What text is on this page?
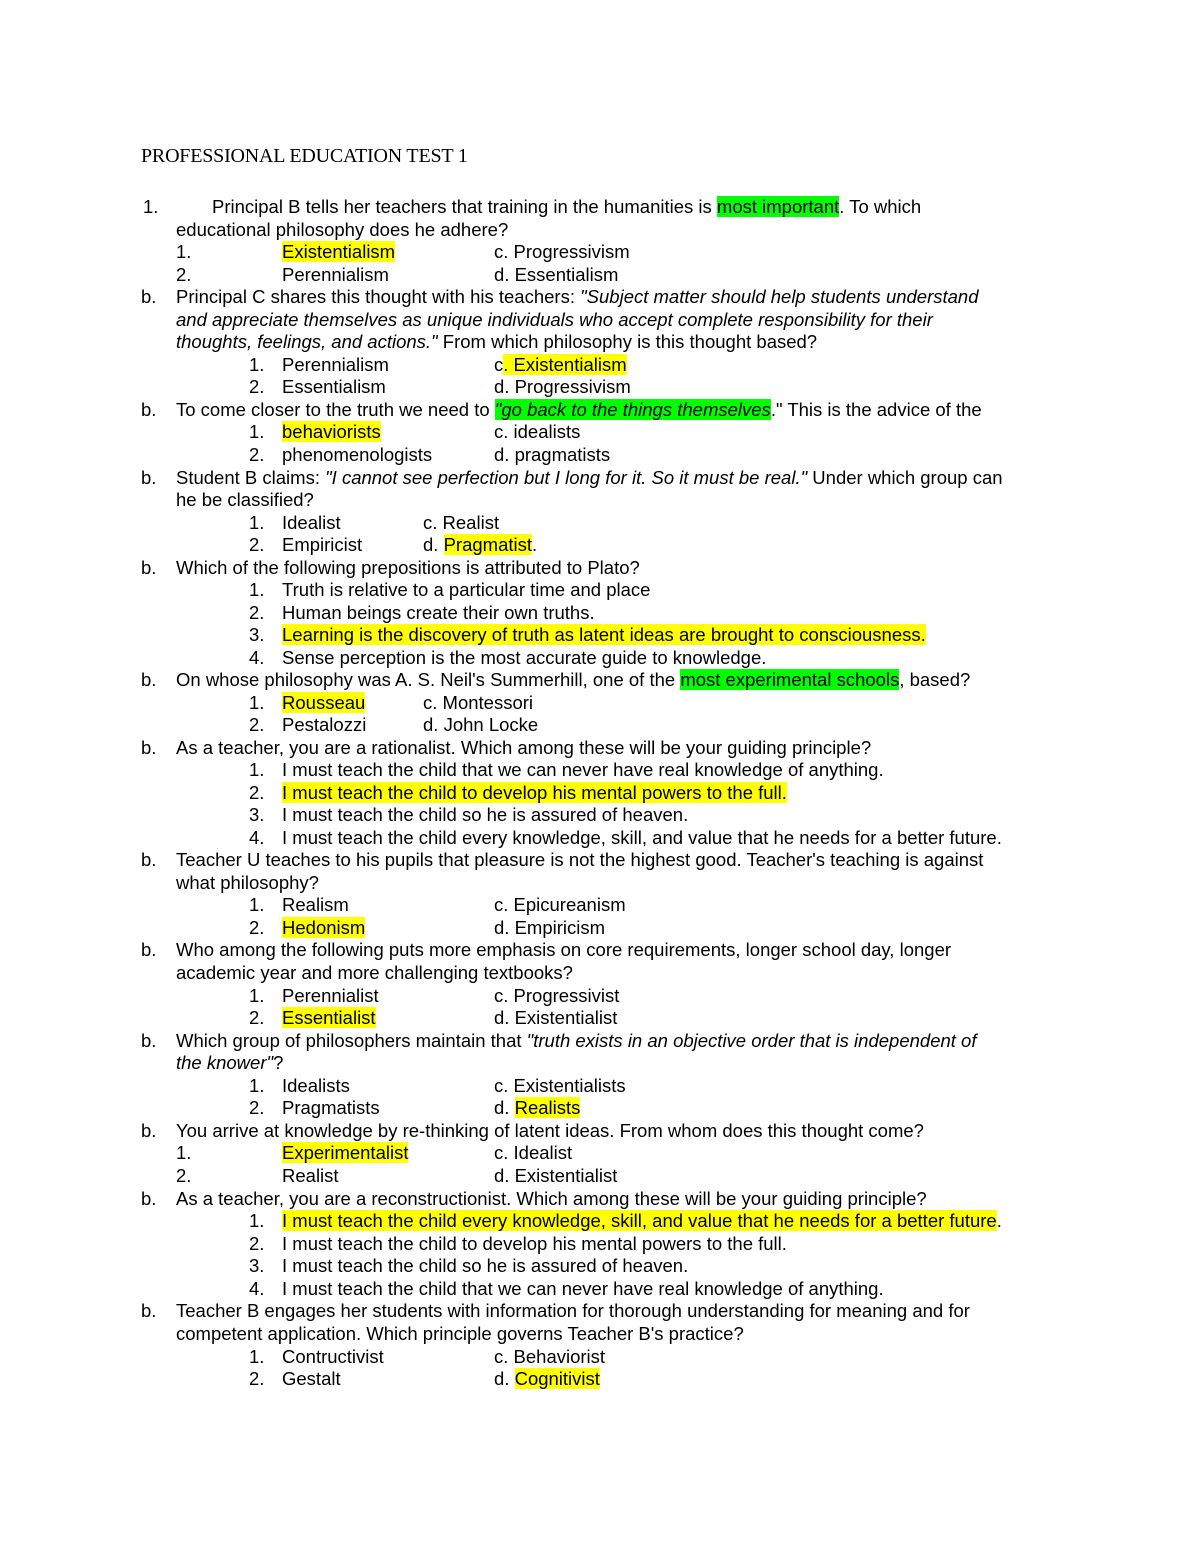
PROFESSIONAL EDUCATION TEST 1
1.	Principal B tells her teachers that training in the humanities is most important. To which
educational philosophy does he adhere?
1.	Existentialism	c. Progressivism
2.	Perennialism	d. Essentialism
b. Principal C shares this thought with his teachers: "Subject matter should help students understand
and appreciate themselves as unique individuals who accept complete responsibility for their
thoughts, feelings, and actions." From which philosophy is this thought based?
1. Perennialism	c. Existentialism
2. Essentialism	d. Progressivism
b. To come closer to the truth we need to "go back to the things themselves." This is the advice of the
1. behaviorists	c. idealists
2. phenomenologists	d. pragmatists
b. Student B claims: "I cannot see perfection but I long for it. So it must be real." Under which group can
he be classified?
1. Idealist	c. Realist
2. Empiricist	d. Pragmatist.
b. Which of the following prepositions is attributed to Plato?
1. Truth is relative to a particular time and place
2. Human beings create their own truths.
3. Learning is the discovery of truth as latent ideas are brought to consciousness.
4. Sense perception is the most accurate guide to knowledge.
b. On whose philosophy was A. S. Neil's Summerhill, one of the most experimental schools, based?
1. Rousseau	c. Montessori
2. Pestalozzi	d. John Locke
b. As a teacher, you are a rationalist. Which among these will be your guiding principle?
1. I must teach the child that we can never have real knowledge of anything.
2. I must teach the child to develop his mental powers to the full.
3. I must teach the child so he is assured of heaven.
4. I must teach the child every knowledge, skill, and value that he needs for a better future.
b. Teacher U teaches to his pupils that pleasure is not the highest good. Teacher's teaching is against
what philosophy?
1. Realism	c. Epicureanism
2. Hedonism	d. Empiricism
b. Who among the following puts more emphasis on core requirements, longer school day, longer
academic year and more challenging textbooks?
1. Perennialist	c. Progressivist
2. Essentialist	d. Existentialist
b. Which group of philosophers maintain that "truth exists in an objective order that is independent of
the knower"?
1. Idealists	c. Existentialists
2. Pragmatists	d. Realists
b. You arrive at knowledge by re-thinking of latent ideas. From whom does this thought come?
1.	Experimentalist	c. Idealist
2.	Realist	d. Existentialist
b. As a teacher, you are a reconstructionist. Which among these will be your guiding principle?
1. I must teach the child every knowledge, skill, and value that he needs for a better future.
2. I must teach the child to develop his mental powers to the full.
3. I must teach the child so he is assured of heaven.
4. I must teach the child that we can never have real knowledge of anything.
b. Teacher B engages her students with information for thorough understanding for meaning and for
competent application. Which principle governs Teacher B's practice?
1. Contructivist	c. Behaviorist
2. Gestalt	d. Cognitivist
